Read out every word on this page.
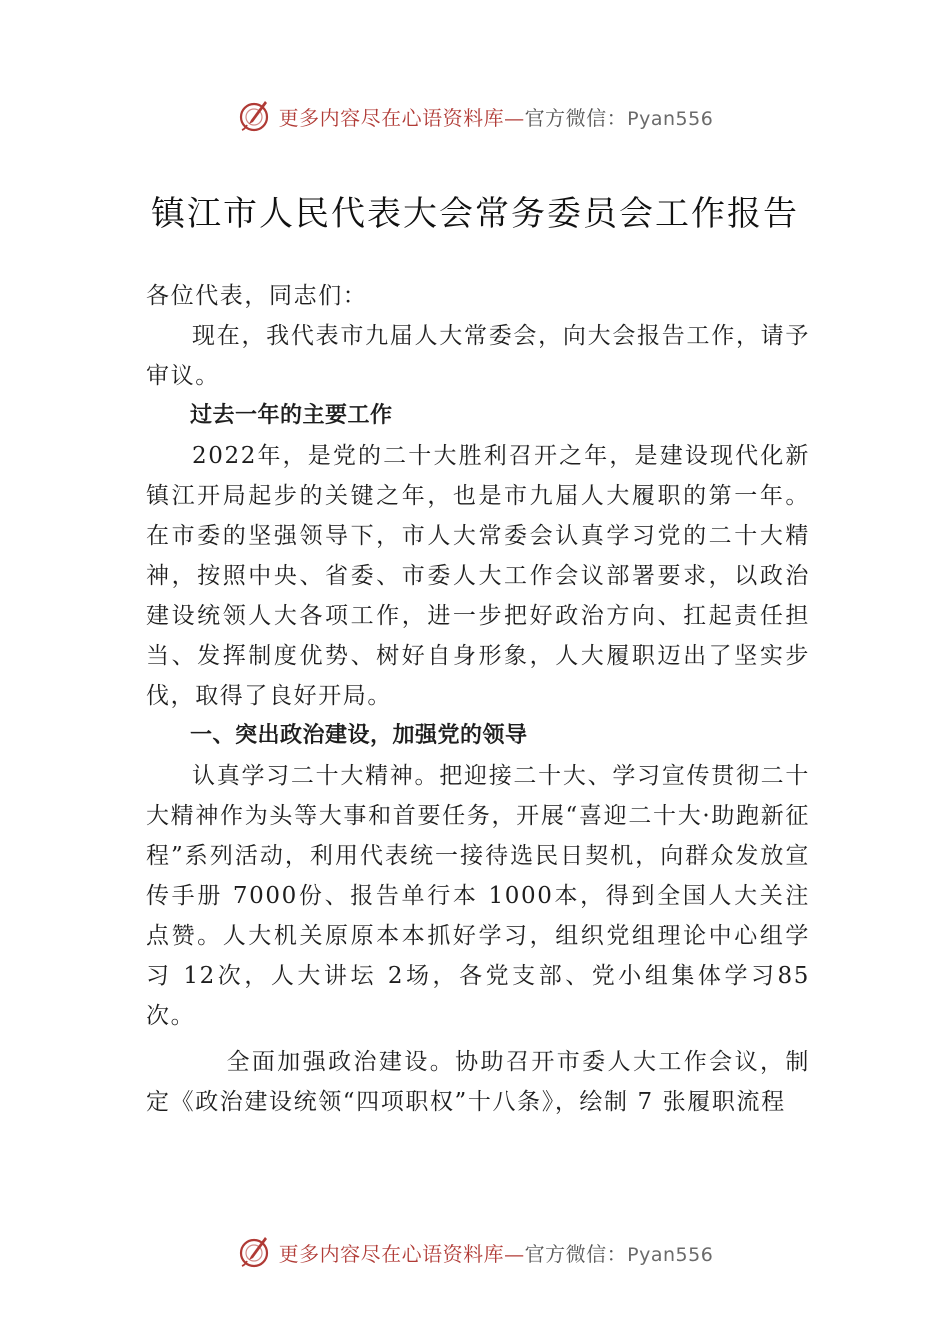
更多内容尽在心语资料库—官方微信：Pyan556
镇江市人民代表大会常务委员会工作报告

各位代表，同志们：

现在，我代表市九届人大常委会，向大会报告工作，请予审议。

过去一年的主要工作

2022年，是党的二十大胜利召开之年，是建设现代化新镇江开局起步的关键之年，也是市九届人大履职的第一年。 在市委的坚强领导下，市人大常委会认真学习党的二十大精神，按照中央、省委、市委人大工作会议部署要求，以政治建设统领人大各项工作，进一步把好政治方向、扛起责任担当、发挥制度优势、树好自身形象，人大履职迈出了坚实步伐，取得了良好开局。

一、突出政治建设，加强党的领导

认真学习二十大精神。把迎接二十大、学习宣传贯彻二十大精神作为头等大事和首要任务，开展“喜迎二十大·助跑新征程”系列活动，利用代表统一接待选民日契机，向群众发放宣传手册 7000份、报告单行本 1000本，得到全国人大关注点赞。人大机关原原本本抓好学习，组织党组理论中心组学习 12次，人大讲坛 2场，各党支部、党小组集体学习85次。

全面加强政治建设。协助召开市委人大工作会议，制定《政治建设统领“四项职权”十八条》，绘制 7 张履职流程

更多内容尽在心语资料库—官方微信：Pyan556
